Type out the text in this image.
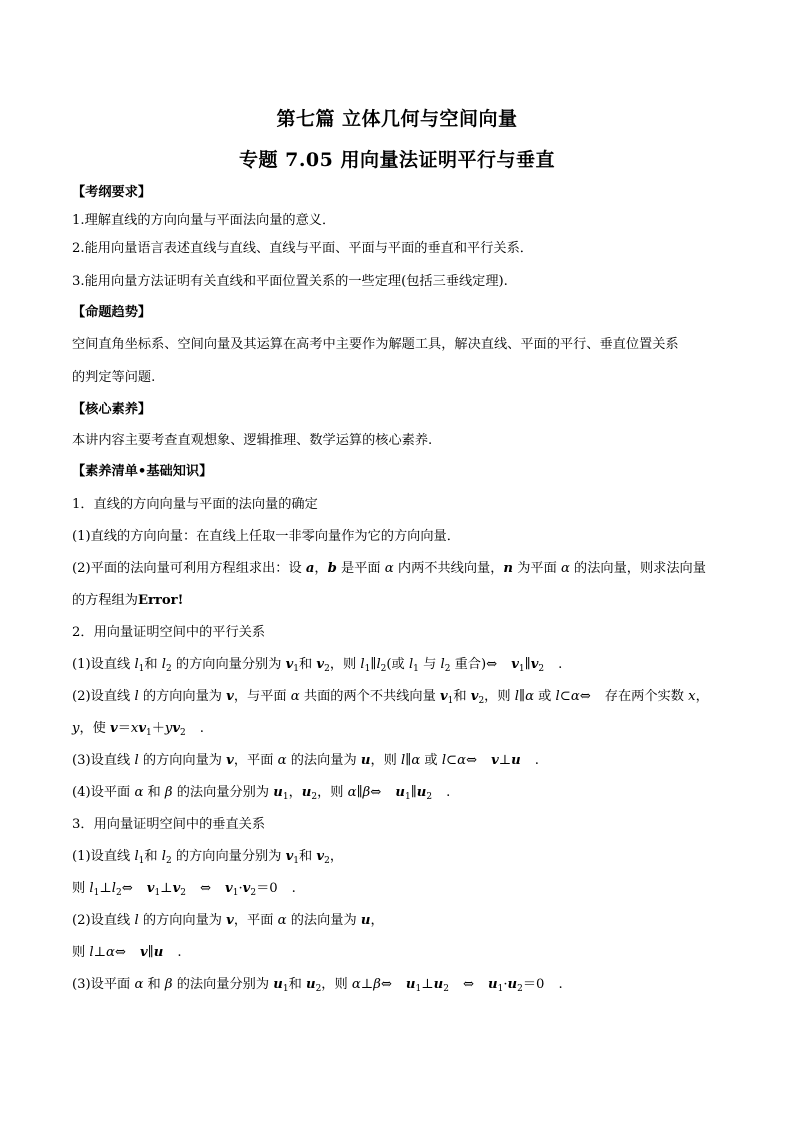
第七篇 立体几何与空间向量
专题 7.05 用向量法证明平行与垂直
【考纲要求】
1.理解直线的方向向量与平面法向量的意义．
2.能用向量语言表述直线与直线、直线与平面、平面与平面的垂直和平行关系．
3.能用向量方法证明有关直线和平面位置关系的一些定理(包括三垂线定理).
【命题趋势】
空间直角坐标系、空间向量及其运算在高考中主要作为解题工具，解决直线、平面的平行、垂直位置关系
的判定等问题.
【核心素养】
本讲内容主要考查直观想象、逻辑推理、数学运算的核心素养.
【素养清单•基础知识】
1．直线的方向向量与平面的法向量的确定
(1)直线的方向向量：在直线上任取一非零向量作为它的方向向量．
(2)平面的法向量可利用方程组求出：设 a，b 是平面 α 内两不共线向量，n 为平面 α 的法向量，则求法向量
的方程组为Error!
2．用向量证明空间中的平行关系
(1)设直线 $l_1$和 $l_2$ 的方向向量分别为 $v_1$和 $v_2$，则 $l_1\parallel l_2$(或 $l_1$ 与 $l_2$ 重合)⇔ $v_1\parallel v_2$ .
(2)设直线 l 的方向向量为 v，与平面 α 共面的两个不共线向量 $v_1$和 $v_2$，则 l∥α 或 l⊂α⇔ 存在两个实数 x，
y，使 $v=xv_1+yv_2$ .
(3)设直线 l 的方向向量为 v，平面 α 的法向量为 u，则 l∥α 或 l⊂α⇔ v⊥u .
(4)设平面 α 和 β 的法向量分别为 $u_1$，$u_2$，则 α∥β⇔ $u_1\parallel u_2$ .
3．用向量证明空间中的垂直关系
(1)设直线 $l_1$和 $l_2$ 的方向向量分别为 $v_1$和 $v_2$，
则 $l_1\perp l_2\Leftrightarrow$ $v_1\perp v_2$ ⇔ $v_1\cdot v_2=0$ .
(2)设直线 l 的方向向量为 v，平面 α 的法向量为 u，
则 l⊥α⇔ v∥u .
(3)设平面 α 和 β 的法向量分别为 $u_1$和 $u_2$，则 α⊥β⇔ $u_1\perp u_2$ ⇔ $u_1\cdot u_2=0$ .
